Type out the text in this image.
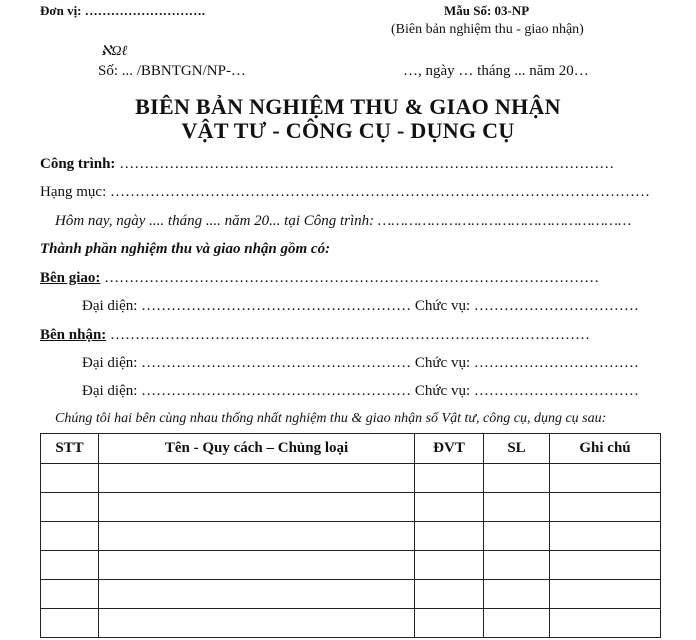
Đơn vị: ……………………….	Mẫu Số: 03-NP
(Biên bản nghiệm thu - giao nhận)
ℵΩℓ
Số: ... /BBNTGN/NP-…	…, ngày … tháng ... năm 20…
BIÊN BẢN NGHIỆM THU & GIAO NHẬN
VẬT TƯ - CÔNG CỤ - DỤNG CỤ
Công trình: ………………………………………………………………………………………
Hạng mục: ………………………………………………………………………………………………
Hôm nay, ngày .... tháng .... năm 20... tại Công trình: …………………………………………………
Thành phần nghiệm thu và giao nhận gồm có:
Bên giao: ………………………………………………………………………………………
Đại diện: ……………………………………………… Chức vụ: ……………………………
Bên nhận: ……………………………………………………………………………………
Đại diện: ……………………………………………… Chức vụ: ……………………………
Đại diện: ……………………………………………… Chức vụ: ……………………………
Chúng tôi hai bên cùng nhau thống nhất nghiệm thu & giao nhận số Vật tư, công cụ, dụng cụ sau:
STT	Tên - Quy cách – Chủng loại	ĐVT	SL	Ghi chú
